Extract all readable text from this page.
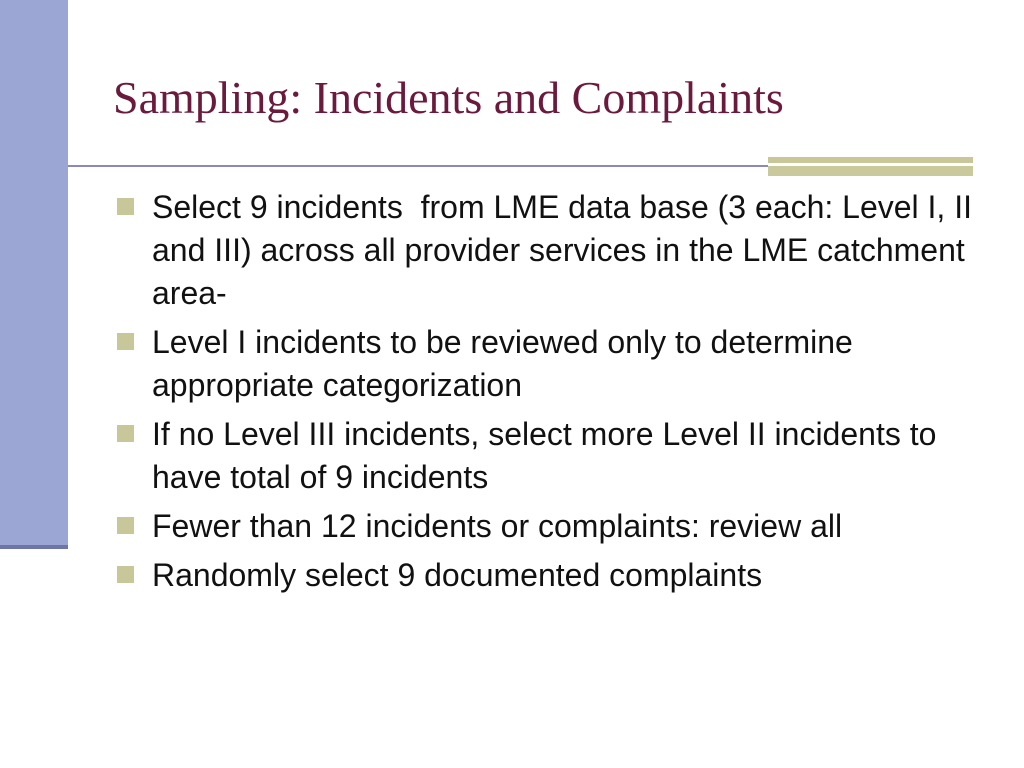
Sampling: Incidents and Complaints
Select 9 incidents  from LME data base (3 each: Level I, II and III) across all provider services in the LME catchment area-
Level I incidents to be reviewed only to determine appropriate categorization
If no Level III incidents, select more Level II incidents to have total of 9 incidents
Fewer than 12 incidents or complaints: review all
Randomly select 9 documented complaints
